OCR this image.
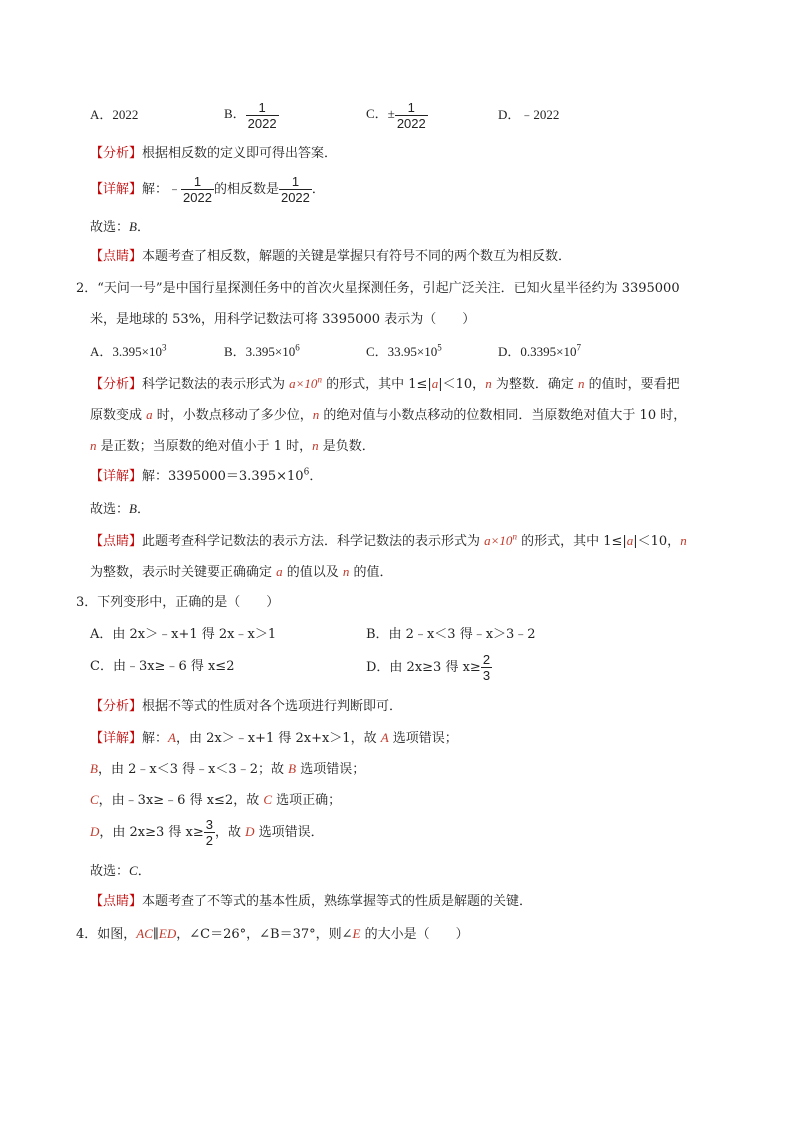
A．2022	B． $\frac{1}{2022}$	C．± $\frac{1}{2022}$	D．﹣2022
【分析】根据相反数的定义即可得出答案．
【详解】解：﹣ $\frac{1}{2022}$ 的相反数是 $\frac{1}{2022}$ ．
故选：B．
【点睛】本题考查了相反数，解题的关键是掌握只有符号不同的两个数互为相反数．
2．“天问一号”是中国行星探测任务中的首次火星探测任务，引起广泛关注．已知火星半径约为 3395000
米，是地球的 53%，用科学记数法可将 3395000 表示为（　　）
A．$3.395\times 10^3$	B．$3.395\times 10^6$	C．$33.95\times 10^5$	D．$0.3395\times 10^7$
【分析】科学记数法的表示形式为 $a\times 10^n$ 的形式，其中 1≤|a|＜10，n 为整数．确定 n 的值时，要看把
原数变成 a 时，小数点移动了多少位，n 的绝对值与小数点移动的位数相同．当原数绝对值大于 10 时，
n 是正数；当原数的绝对值小于 1 时，n 是负数．
【详解】解：$3395000=3.395\times 10^6$．
故选：B．
【点睛】此题考查科学记数法的表示方法．科学记数法的表示形式为 $a\times 10^n$ 的形式，其中 1≤|a|＜10，n
为整数，表示时关键要正确确定 a 的值以及 n 的值．
3．下列变形中，正确的是（　　）
A．由 2x＞﹣x+1 得 2x﹣x＞1	B．由 2﹣x＜3 得﹣x＞3﹣2
C．由﹣3x≥﹣6 得 x≤2	D．由 2x≥3 得 $x\ge \frac{2}{3}$
【分析】根据不等式的性质对各个选项进行判断即可．
【详解】解：A，由 2x＞﹣x+1 得 2x+x＞1，故 A 选项错误；
B，由 2﹣x＜3 得﹣x＜3﹣2；故 B 选项错误；
C，由﹣3x≥﹣6 得 x≤2，故 C 选项正确；
D，由 2x≥3 得 $x\ge \frac{3}{2}$ ，故 D 选项错误．
故选：C．
【点睛】本题考查了不等式的基本性质，熟练掌握等式的性质是解题的关键．
4．如图，AC∥ED，∠C＝26°，∠B＝37°，则∠E 的大小是（　　）
